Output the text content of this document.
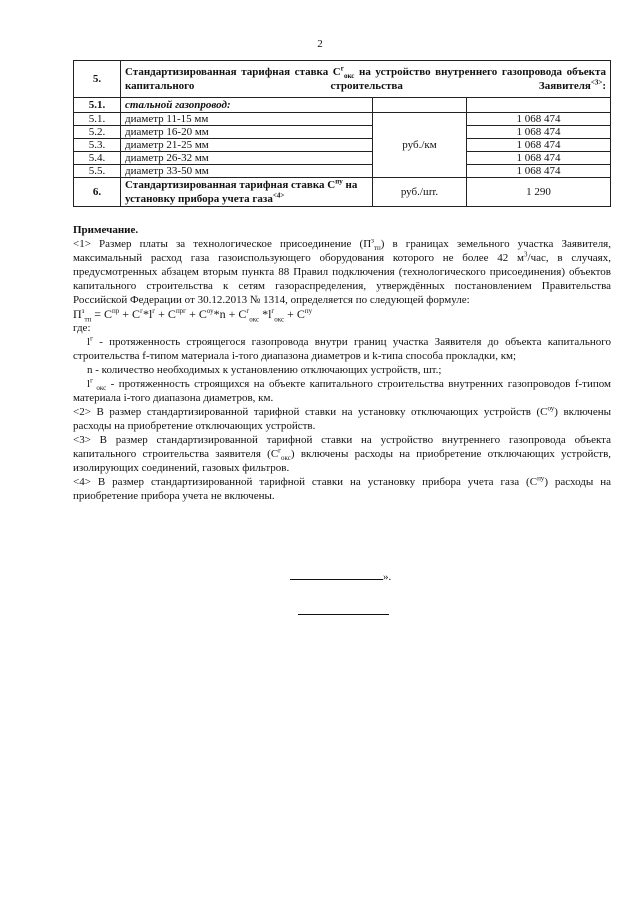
2
5.	Стандартизированная тарифная ставка $С^г_{окс}$ на устройство внутреннего газопровода объекта капитального строительства Заявителя$^{<3>}$:		
5.1.	стальной газопровод:		
5.1.	диаметр 11-15 мм	руб./км	1 068 474
5.2.	диаметр 16-20 мм		1 068 474
5.3.	диаметр 21-25 мм		1 068 474
5.4.	диаметр 26-32 мм		1 068 474
5.5.	диаметр 33-50 мм		1 068 474
6.	Стандартизированная тарифная ставка $С^{пу}$ на установку прибора учета газа$^{<4>}$	руб./шт.	1 290

Примечание.

<1> Размер платы за технологическое присоединение $(П^з_{тп})$ в границах земельного участка Заявителя, максимальный расход газа газоиспользующего оборудования которого не более 42 $м^3$/час, в случаях, предусмотренных абзацем вторым пункта 88 Правил подключения (технологического присоединения) объектов капитального строительства к сетям газораспределения, утверждённых постановлением Правительства Российской Федерации от 30.12.2013 № 1314, определяется по следующей формуле:

$П^з_{тп} = С^{пр} + С^г*l^г + С^{прг} + С^{оу}*n + С^г_{окс}$ $*l^г_{окс} + С^{пу}$

где:

$l^г$ - протяженность строящегося газопровода внутри границ участка Заявителя до объекта капитального строительства f-типом материала i-того диапазона диаметров и k-типа способа прокладки, км;

n - количество необходимых к установлению отключающих устройств, шт.;

$l^г$ $_{окс}$ - протяженность строящихся на объекте капитального строительства внутренних газопроводов f-типом материала i-того диапазона диаметров, км.

<2> В размер стандартизированной тарифной ставки на установку отключающих устройств $(С^{оу})$ включены расходы на приобретение отключающих устройств.

<3> В размер стандартизированной тарифной ставки на устройство внутреннего газопровода объекта капитального строительства заявителя $(С^г_{окс})$ включены расходы на приобретение отключающих устройств, изолирующих соединений, газовых фильтров.

<4> В размер стандартизированной тарифной ставки на установку прибора учета газа $(С^{пу})$ расходы на приобретение прибора учета не включены.

».
